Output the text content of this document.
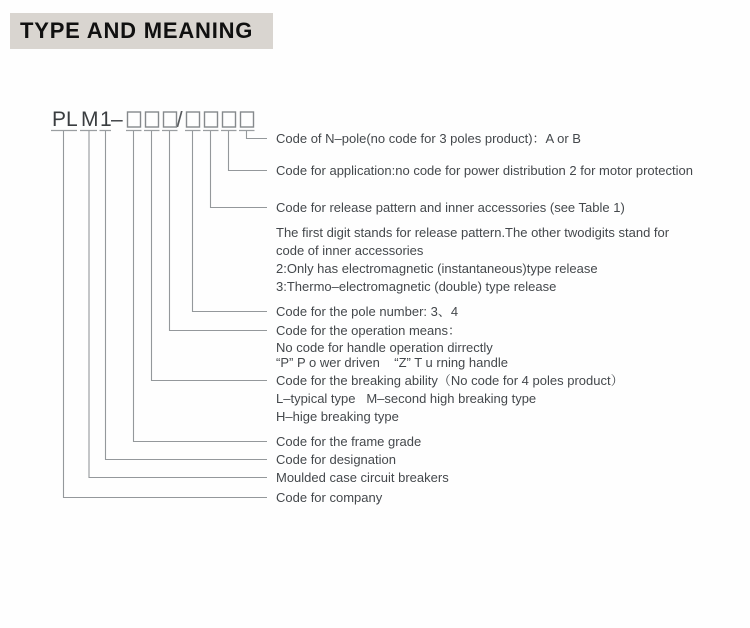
TYPE AND MEANING
PL M 1 – /
Code of N–pole(no code for 3 poles product)：A or B
Code for application:no code for power distribution 2 for motor protection
Code for release pattern and inner accessories (see Table 1)
The first digit stands for release pattern.The other twodigits stand for
code of inner accessories
2:Only has electromagnetic (instantaneous)type release
3:Thermo–electromagnetic (double) type release
Code for the pole number: 3、4
Code for the operation means：
No code for handle operation dirrectly
“P” P o wer driven    “Z” T u rning handle
Code for the breaking ability（No code for 4 poles product）
L–typical type   M–second high breaking type
H–hige breaking type
Code for the frame grade
Code for designation
Moulded case circuit breakers
Code for company
